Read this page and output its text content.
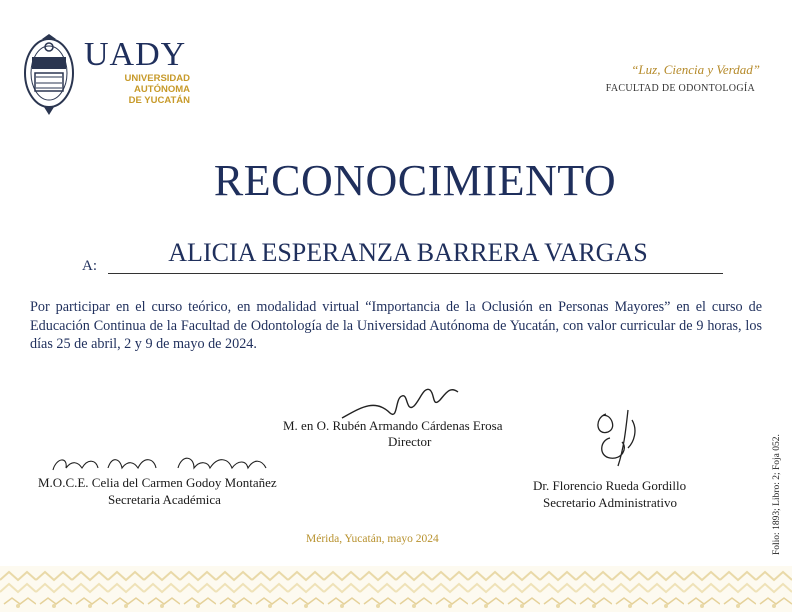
UADY
UNIVERSIDAD
AUTÓNOMA
DE YUCATÁN
“Luz, Ciencia y Verdad”
FACULTAD DE ODONTOLOGÍA
RECONOCIMIENTO
A:	ALICIA ESPERANZA BARRERA VARGAS
Por participar en el curso teórico, en modalidad virtual “Importancia de la Oclusión en Personas Mayores” en el curso de Educación Continua de la Facultad de Odontología de la Universidad Autónoma de Yucatán, con valor curricular de 9 horas, los días 25 de abril, 2 y 9 de mayo de 2024.
M. en O. Rubén Armando Cárdenas Erosa
Director
M.O.C.E. Celia del Carmen Godoy Montañez
Secretaria Académica
Dr. Florencio Rueda Gordillo
Secretario Administrativo
Mérida, Yucatán, mayo 2024	Folio: 1893; Libro: 2; Foja 052.
